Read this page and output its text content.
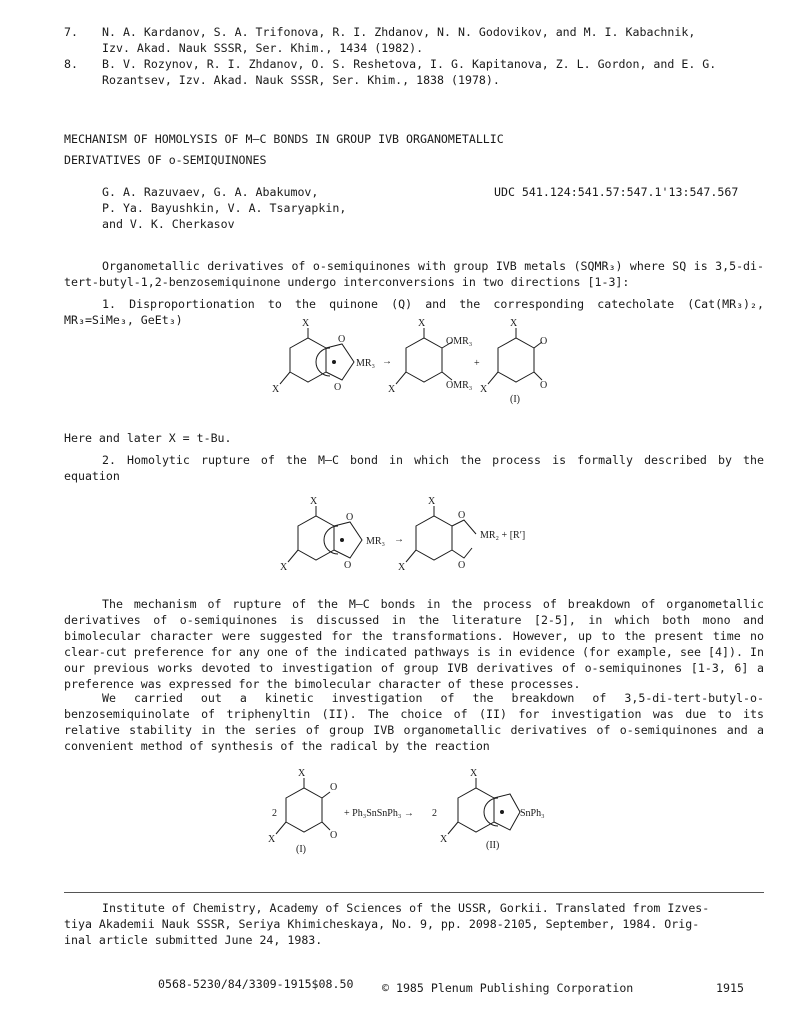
7. N. A. Kardanov, S. A. Trifonova, R. I. Zhdanov, N. N. Godovikov, and M. I. Kabachnik,
Izv. Akad. Nauk SSSR, Ser. Khim., 1434 (1982).
8. B. V. Rozynov, R. I. Zhdanov, O. S. Reshetova, I. G. Kapitanova, Z. L. Gordon, and E. G.
Rozantsev, Izv. Akad. Nauk SSSR, Ser. Khim., 1838 (1978).
MECHANISM OF HOMOLYSIS OF M—C BONDS IN GROUP IVB ORGANOMETALLIC
DERIVATIVES OF o-SEMIQUINONES
G. A. Razuvaev, G. A. Abakumov,
P. Ya. Bayushkin, V. A. Tsaryapkin,
and V. K. Cherkasov
UDC 541.124:541.57:547.1'13:547.567
Organometallic derivatives of o-semiquinones with group IVB metals (SQMR₃) where SQ is 3,5-di-tert-butyl-1,2-benzosemiquinone undergo interconversions in two directions [1-3]:
1. Disproportionation to the quinone (Q) and the corresponding catecholate (Cat(MR₃)₂, MR₃=SiMe₃, GeEt₃)	X
X
O
O
MR₃ →
X
X
OMR₃
OMR₃
+
X
X
O
O
(I)
Here and later X = t-Bu.
2. Homolytic rupture of the M—C bond in which the process is formally described by the equation
X
X
O
O
MR₃ →
X
X
O
O
MR₂ + [R′]
The mechanism of rupture of the M—C bonds in the process of breakdown of organometallic derivatives of o-semiquinones is discussed in the literature [2-5], in which both mono and bimolecular character were suggested for the transformations. However, up to the present time no clear-cut preference for any one of the indicated pathways is in evidence (for example, see [4]). In our previous works devoted to investigation of group IVB derivatives of o-semiquinones [1-3, 6] a preference was expressed for the bimolecular character of these processes.
We carried out a kinetic investigation of the breakdown of 3,5-di-tert-butyl-o-benzosemiquinolate of triphenyltin (II). The choice of (II) for investigation was due to its relative stability in the series of group IVB organometallic derivatives of o-semiquinones and a convenient method of synthesis of the radical by the reaction
2
X
X
O
O
(I)
+ Ph₃SnSnPh₃ → 2
X
X
SnPh₃
(II)
Institute of Chemistry, Academy of Sciences of the USSR, Gorkii. Translated from Izves-
tiya Akademii Nauk SSSR, Seriya Khimicheskaya, No. 9, pp. 2098-2105, September, 1984. Orig-
inal article submitted June 24, 1983.
0568-5230/84/3309-1915$08.50 © 1985 Plenum Publishing Corporation	1915
